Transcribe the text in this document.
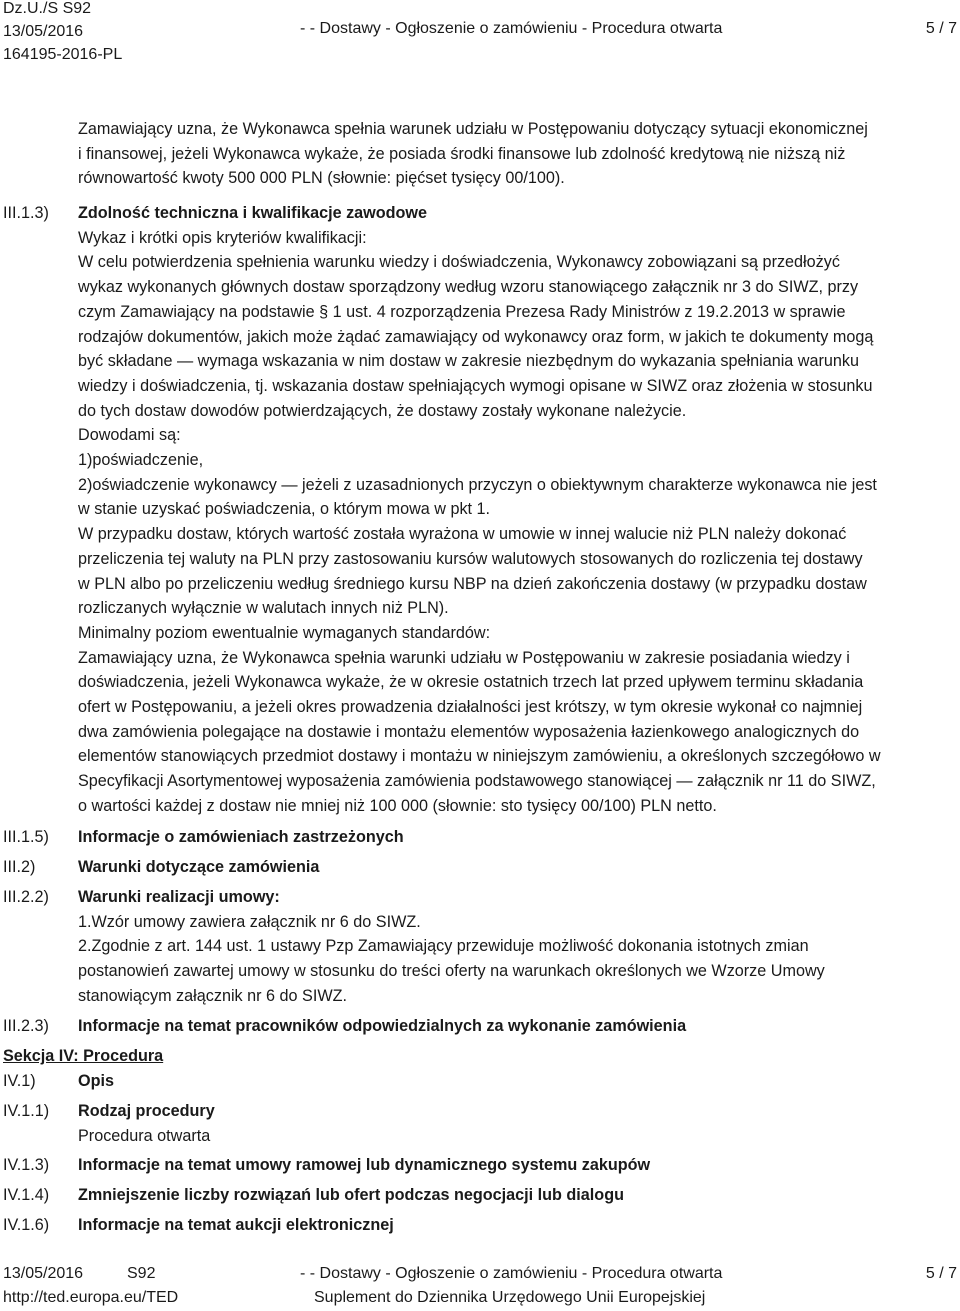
Dz.U./S S92
13/05/2016
164195-2016-PL
- - Dostawy - Ogłoszenie o zamówieniu - Procedura otwarta	5 / 7
Zamawiający uzna, że Wykonawca spełnia warunek udziału w Postępowaniu dotyczący sytuacji ekonomicznej
i finansowej, jeżeli Wykonawca wykaże, że posiada środki finansowe lub zdolność kredytową nie niższą niż
równowartość kwoty 500 000 PLN (słownie: pięćset tysięcy 00/100).
III.1.3) Zdolność techniczna i kwalifikacje zawodowe
Wykaz i krótki opis kryteriów kwalifikacji:
W celu potwierdzenia spełnienia warunku wiedzy i doświadczenia, Wykonawcy zobowiązani są przedłożyć
wykaz wykonanych głównych dostaw sporządzony według wzoru stanowiącego załącznik nr 3 do SIWZ, przy
czym Zamawiający na podstawie § 1 ust. 4 rozporządzenia Prezesa Rady Ministrów z 19.2.2013 w sprawie
rodzajów dokumentów, jakich może żądać zamawiający od wykonawcy oraz form, w jakich te dokumenty mogą
być składane — wymaga wskazania w nim dostaw w zakresie niezbędnym do wykazania spełniania warunku
wiedzy i doświadczenia, tj. wskazania dostaw spełniających wymogi opisane w SIWZ oraz złożenia w stosunku
do tych dostaw dowodów potwierdzających, że dostawy zostały wykonane należycie.
Dowodami są:
1)poświadczenie,
2)oświadczenie wykonawcy — jeżeli z uzasadnionych przyczyn o obiektywnym charakterze wykonawca nie jest
w stanie uzyskać poświadczenia, o którym mowa w pkt 1.
W przypadku dostaw, których wartość została wyrażona w umowie w innej walucie niż PLN należy dokonać
przeliczenia tej waluty na PLN przy zastosowaniu kursów walutowych stosowanych do rozliczenia tej dostawy
w PLN albo po przeliczeniu według średniego kursu NBP na dzień zakończenia dostawy (w przypadku dostaw
rozliczanych wyłącznie w walutach innych niż PLN).
Minimalny poziom ewentualnie wymaganych standardów:
Zamawiający uzna, że Wykonawca spełnia warunki udziału w Postępowaniu w zakresie posiadania wiedzy i
doświadczenia, jeżeli Wykonawca wykaże, że w okresie ostatnich trzech lat przed upływem terminu składania
ofert w Postępowaniu, a jeżeli okres prowadzenia działalności jest krótszy, w tym okresie wykonał co najmniej
dwa zamówienia polegające na dostawie i montażu elementów wyposażenia łazienkowego analogicznych do
elementów stanowiących przedmiot dostawy i montażu w niniejszym zamówieniu, a określonych szczegółowo w
Specyfikacji Asortymentowej wyposażenia zamówienia podstawowego stanowiącej — załącznik nr 11 do SIWZ,
o wartości każdej z dostaw nie mniej niż 100 000 (słownie: sto tysięcy 00/100) PLN netto.
III.1.5) Informacje o zamówieniach zastrzeżonych
III.2)	Warunki dotyczące zamówienia
III.2.2) Warunki realizacji umowy:
1.Wzór umowy zawiera załącznik nr 6 do SIWZ.
2.Zgodnie z art. 144 ust. 1 ustawy Pzp Zamawiający przewiduje możliwość dokonania istotnych zmian
postanowień zawartej umowy w stosunku do treści oferty na warunkach określonych we Wzorze Umowy
stanowiącym załącznik nr 6 do SIWZ.
III.2.3) Informacje na temat pracowników odpowiedzialnych za wykonanie zamówienia
Sekcja IV: Procedura
IV.1)	Opis
IV.1.1) Rodzaj procedury
Procedura otwarta
IV.1.3) Informacje na temat umowy ramowej lub dynamicznego systemu zakupów
IV.1.4) Zmniejszenie liczby rozwiązań lub ofert podczas negocjacji lub dialogu
IV.1.6) Informacje na temat aukcji elektronicznej
13/05/2016	S92
http://ted.europa.eu/TED
- - Dostawy - Ogłoszenie o zamówieniu - Procedura otwarta
Suplement do Dziennika Urzędowego Unii Europejskiej
5 / 7
